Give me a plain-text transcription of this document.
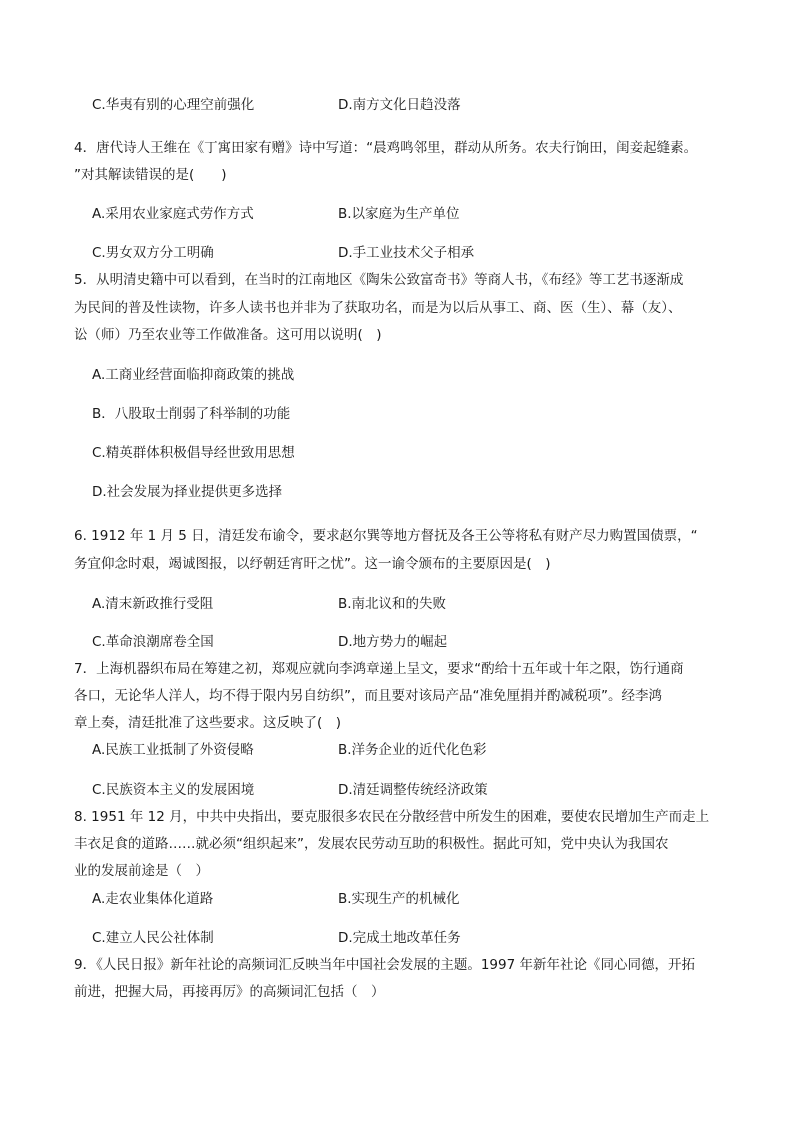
C.华夷有别的心理空前强化	D.南方文化日趋没落
4．唐代诗人王维在《丁寓田家有赠》诗中写道：“晨鸡鸣邻里，群动从所务。农夫行饷田，闺妾起缝素。
”对其解读错误的是(　　)
A.采用农业家庭式劳作方式	B.以家庭为生产单位
C.男女双方分工明确	D.手工业技术父子相承
5．从明清史籍中可以看到，在当时的江南地区《陶朱公致富奇书》等商人书，《布经》等工艺书逐渐成
为民间的普及性读物，许多人读书也并非为了获取功名，而是为以后从事工、商、医（生）、幕（友）、
讼（师）乃至农业等工作做准备。这可用以说明(　)
A.工商业经营面临抑商政策的挑战
B．八股取士削弱了科举制的功能
C.精英群体积极倡导经世致用思想
D.社会发展为择业提供更多选择
6. 1912 年 1 月 5 日，清廷发布谕令，要求赵尔巽等地方督抚及各王公等将私有财产尽力购置国债票，“
务宜仰念时艰，竭诚图报，以纾朝廷宵旰之忧”。这一谕令颁布的主要原因是(　)
A.清末新政推行受阻	B.南北议和的失败
C.革命浪潮席卷全国	D.地方势力的崛起
7．上海机器织布局在筹建之初，郑观应就向李鸿章递上呈文，要求“酌给十五年或十年之限，饬行通商
各口，无论华人洋人，均不得于限内另自纺织”，而且要对该局产品“准免厘捐并酌减税项”。经李鸿
章上奏，清廷批准了这些要求。这反映了(　)
A.民族工业抵制了外资侵略	B.洋务企业的近代化色彩
C.民族资本主义的发展困境	D.清廷调整传统经济政策
8. 1951 年 12 月，中共中央指出，要克服很多农民在分散经营中所发生的困难，要使农民增加生产而走上
丰衣足食的道路……就必须“组织起来”，发展农民劳动互助的积极性。据此可知，党中央认为我国农
业的发展前途是（　）
A.走农业集体化道路	B.实现生产的机械化
C.建立人民公社体制	D.完成土地改革任务
9．《人民日报》新年社论的高频词汇反映当年中国社会发展的主题。1997 年新年社论《同心同德，开拓
前进，把握大局，再接再厉》的高频词汇包括（　）
